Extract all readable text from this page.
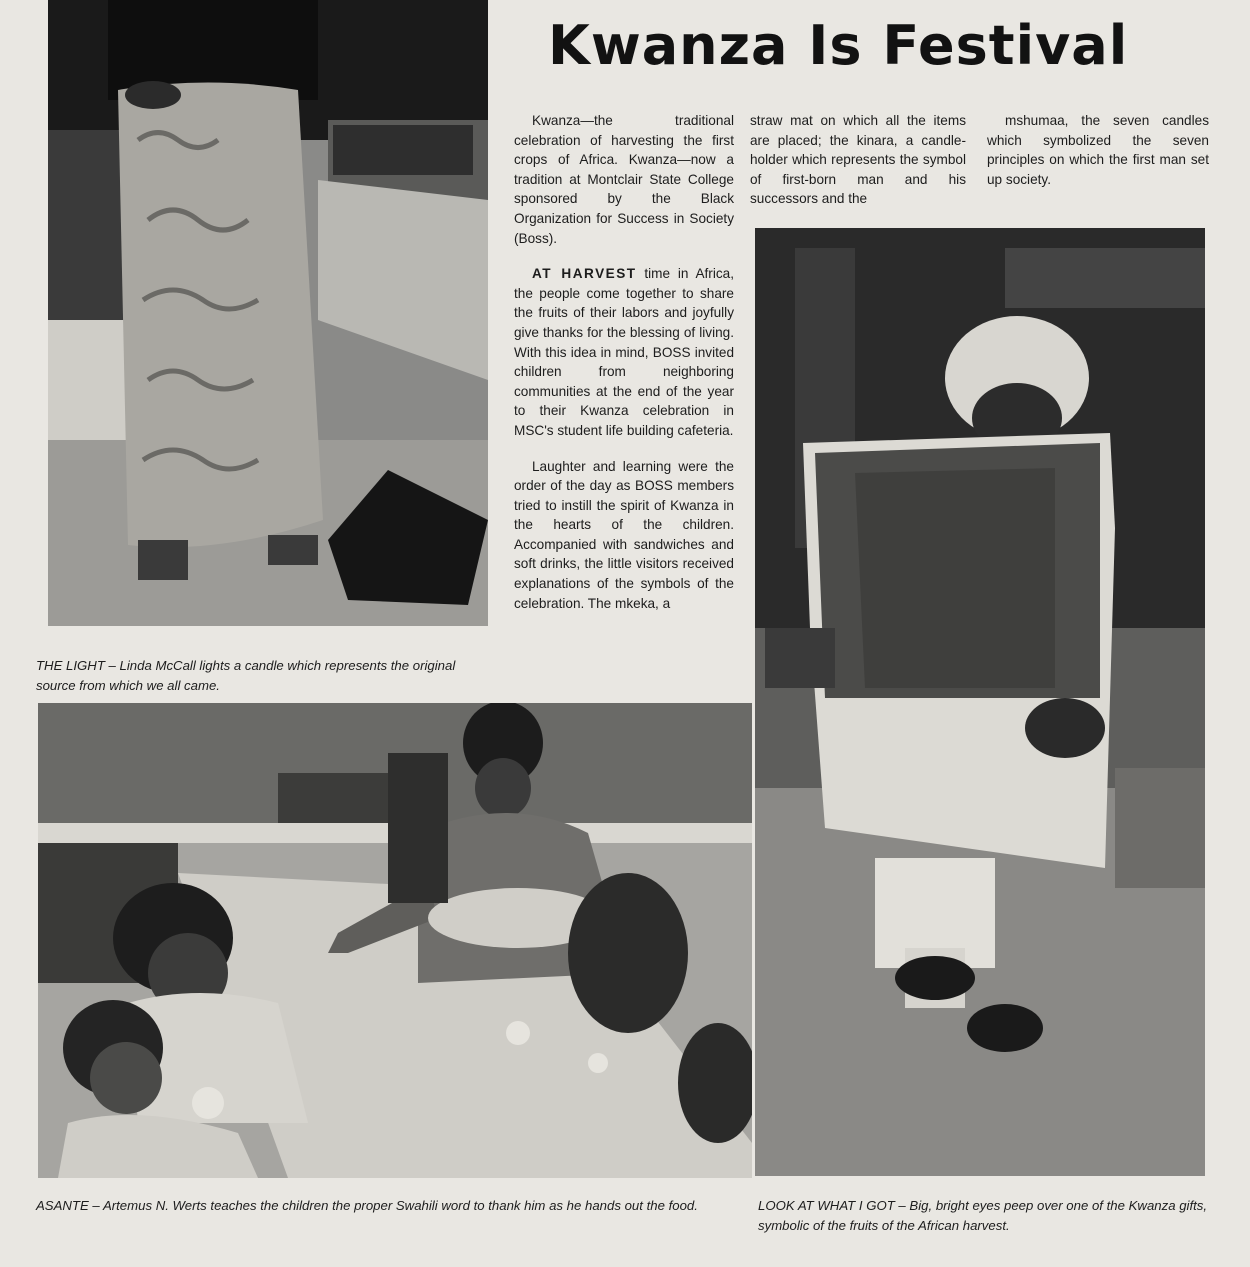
Kwanza Is Festival
THE LIGHT – Linda McCall lights a candle which represents the original source from which we all came.

Kwanza—the traditional celebration of harvesting the first crops of Africa. Kwanza—now a tradition at Montclair State College sponsored by the Black Organization for Success in Society (Boss).

AT HARVEST time in Africa, the people come together to share the fruits of their labors and joyfully give thanks for the blessing of living. With this idea in mind, BOSS invited children from neighboring communities at the end of the year to their Kwanza celebration in MSC's student life building cafeteria.

Laughter and learning were the order of the day as BOSS members tried to instill the spirit of Kwanza in the hearts of the children. Accompanied with sandwiches and soft drinks, the little visitors received explanations of the symbols of the celebration. The mkeka, a

straw mat on which all the items are placed; the kinara, a candle-holder which represents the symbol of first-born man and his successors and the

mshumaa, the seven candles which symbolized the seven principles on which the first man set up society.

ASANTE – Artemus N. Werts teaches the children the proper Swahili word to thank him as he hands out the food.	LOOK AT WHAT I GOT – Big, bright eyes peep over one of the Kwanza gifts, symbolic of the fruits of the African harvest.
